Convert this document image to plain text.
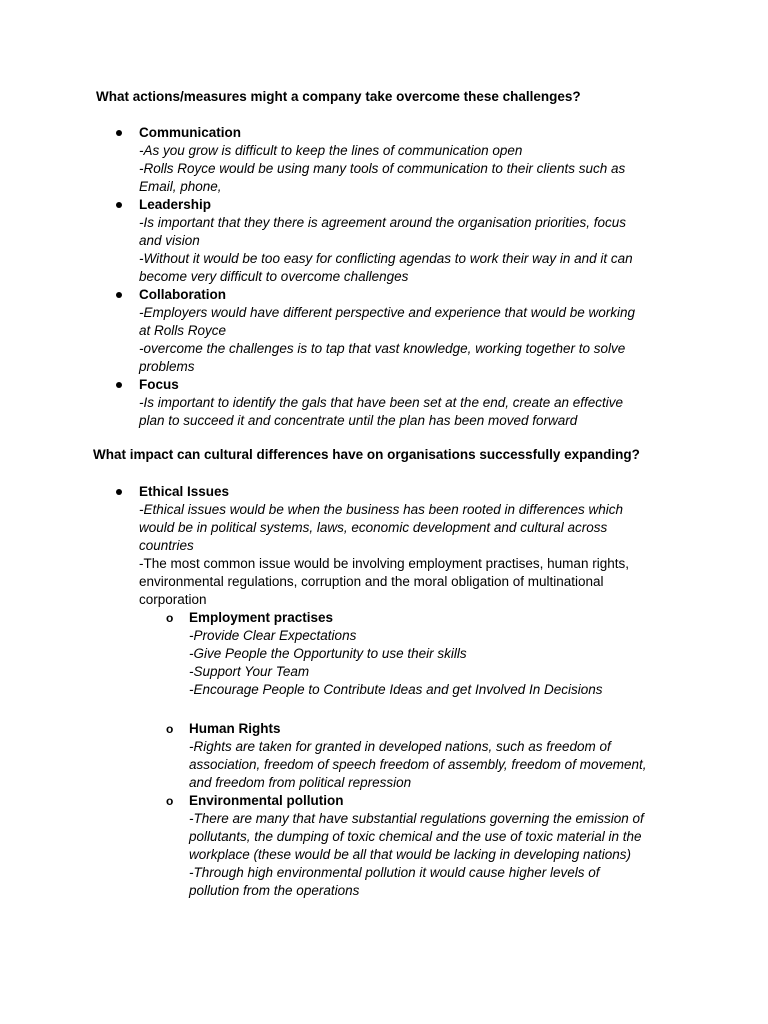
What actions/measures might a company take overcome these challenges?
Communication
-As you grow is difficult to keep the lines of communication open
-Rolls Royce would be using many tools of communication to their clients such as
Email, phone,
Leadership
-Is important that they there is agreement around the organisation priorities, focus
and vision
-Without it would be too easy for conflicting agendas to work their way in and it can
become very difficult to overcome challenges
Collaboration
-Employers would have different perspective and experience that would be working
at Rolls Royce
-overcome the challenges is to tap that vast knowledge, working together to solve
problems
Focus
-Is important to identify the gals that have been set at the end, create an effective
plan to succeed it and concentrate until the plan has been moved forward
What impact can cultural differences have on organisations successfully expanding?
Ethical Issues
-Ethical issues would be when the business has been rooted in differences which
would be in political systems, laws, economic development and cultural across
countries
-The most common issue would be involving employment practises, human rights,
environmental regulations, corruption and the moral obligation of multinational
corporation
o	Employment practises
-Provide Clear Expectations
-Give People the Opportunity to use their skills
-Support Your Team
-Encourage People to Contribute Ideas and get Involved In Decisions
o	Human Rights
-Rights are taken for granted in developed nations, such as freedom of
association, freedom of speech freedom of assembly, freedom of movement,
and freedom from political repression
o	Environmental pollution
-There are many that have substantial regulations governing the emission of
pollutants, the dumping of toxic chemical and the use of toxic material in the
workplace (these would be all that would be lacking in developing nations)
-Through high environmental pollution it would cause higher levels of
pollution from the operations
